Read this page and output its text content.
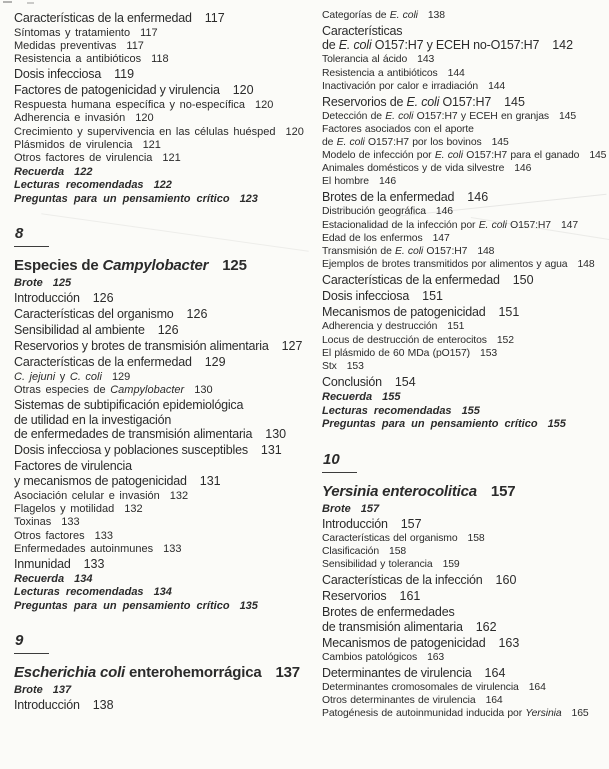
Características de la enfermedad 117
Síntomas y tratamiento 117
Medidas preventivas 117
Resistencia a antibióticos 118
Dosis infecciosa 119
Factores de patogenicidad y virulencia 120
Respuesta humana específica y no-específica 120
Adherencia e invasión 120
Crecimiento y supervivencia en las células huésped 120
Plásmidos de virulencia 121
Otros factores de virulencia 121
Recuerda 122
Lecturas recomendadas 122
Preguntas para un pensamiento crítico 123
8
Especies de Campylobacter 125
Brote 125
Introducción 126
Características del organismo 126
Sensibilidad al ambiente 126
Reservorios y brotes de transmisión alimentaria 127
Características de la enfermedad 129
C. jejuni y C. coli 129
Otras especies de Campylobacter 130
Sistemas de subtipificación epidemiológica
de utilidad en la investigación
de enfermedades de transmisión alimentaria 130
Dosis infecciosa y poblaciones susceptibles 131
Factores de virulencia
y mecanismos de patogenicidad 131
Asociación celular e invasión 132
Flagelos y motilidad 132
Toxinas 133
Otros factores 133
Enfermedades autoinmunes 133
Inmunidad 133
Recuerda 134
Lecturas recomendadas 134
Preguntas para un pensamiento crítico 135
9
Escherichia coli enterohemorrágica 137
Brote 137
Introducción 138
Categorías de E. coli 138
Características
de E. coli O157:H7 y ECEH no-O157:H7 142
Tolerancia al ácido 143
Resistencia a antibióticos 144
Inactivación por calor e irradiación 144
Reservorios de E. coli O157:H7 145
Detección de E. coli O157:H7 y ECEH en granjas 145
Factores asociados con el aporte
de E. coli O157:H7 por los bovinos 145
Modelo de infección por E. coli O157:H7 para el ganado 145
Animales domésticos y de vida silvestre 146
El hombre 146
Brotes de la enfermedad 146
Distribución geográfica 146
Estacionalidad de la infección por E. coli O157:H7 147
Edad de los enfermos 147
Transmisión de E. coli O157:H7 148
Ejemplos de brotes transmitidos por alimentos y agua 148
Características de la enfermedad 150
Dosis infecciosa 151
Mecanismos de patogenicidad 151
Adherencia y destrucción 151
Locus de destrucción de enterocitos 152
El plásmido de 60 MDa (pO157) 153
Stx 153
Conclusión 154
Recuerda 155
Lecturas recomendadas 155
Preguntas para un pensamiento crítico 155
10
Yersinia enterocolitica 157
Brote 157
Introducción 157
Características del organismo 158
Clasificación 158
Sensibilidad y tolerancia 159
Características de la infección 160
Reservorios 161
Brotes de enfermedades
de transmisión alimentaria 162
Mecanismos de patogenicidad 163
Cambios patológicos 163
Determinantes de virulencia 164
Determinantes cromosomales de virulencia 164
Otros determinantes de virulencia 164
Patogénesis de autoinmunidad inducida por Yersinia 165
